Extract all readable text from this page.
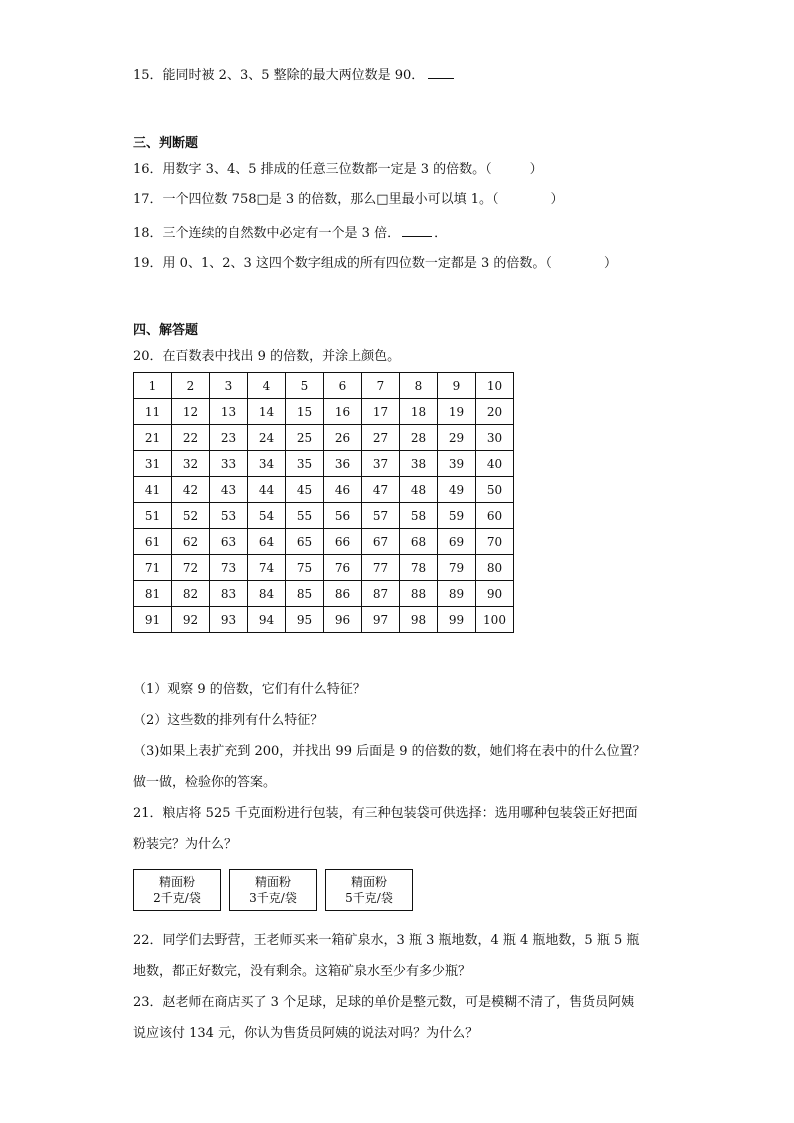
15．能同时被 2、3、5 整除的最大两位数是 90．
三、判断题
16．用数字 3、4、5 排成的任意三位数都一定是 3 的倍数。（	）
17．一个四位数 758□是 3 的倍数，那么□里最小可以填 1。（	）
18．三个连续的自然数中必定有一个是 3 倍．	．
19．用 0、1、2、3 这四个数字组成的所有四位数一定都是 3 的倍数。（	）
四、解答题
20．在百数表中找出 9 的倍数，并涂上颜色。
1	2	3	4	5	6	7	8	9	10
11	12	13	14	15	16	17	18	19	20
21	22	23	24	25	26	27	28	29	30
31	32	33	34	35	36	37	38	39	40
41	42	43	44	45	46	47	48	49	50
51	52	53	54	55	56	57	58	59	60
61	62	63	64	65	66	67	68	69	70
71	72	73	74	75	76	77	78	79	80
81	82	83	84	85	86	87	88	89	90
91	92	93	94	95	96	97	98	99	100
（1）观察 9 的倍数，它们有什么特征？
（2）这些数的排列有什么特征？
（3)如果上表扩充到 200，并找出 99 后面是 9 的倍数的数，她们将在表中的什么位置？
做一做，检验你的答案。
21．粮店将 525 千克面粉进行包装，有三种包装袋可供选择：选用哪种包装袋正好把面
粉装完？为什么？
精面粉
2千克/袋
精面粉
3千克/袋
精面粉
5千克/袋
22．同学们去野营，王老师买来一箱矿泉水，3 瓶 3 瓶地数，4 瓶 4 瓶地数，5 瓶 5 瓶
地数，都正好数完，没有剩余。这箱矿泉水至少有多少瓶？
23．赵老师在商店买了 3 个足球，足球的单价是整元数，可是模糊不清了，售货员阿姨
说应该付 134 元，你认为售货员阿姨的说法对吗？为什么？
